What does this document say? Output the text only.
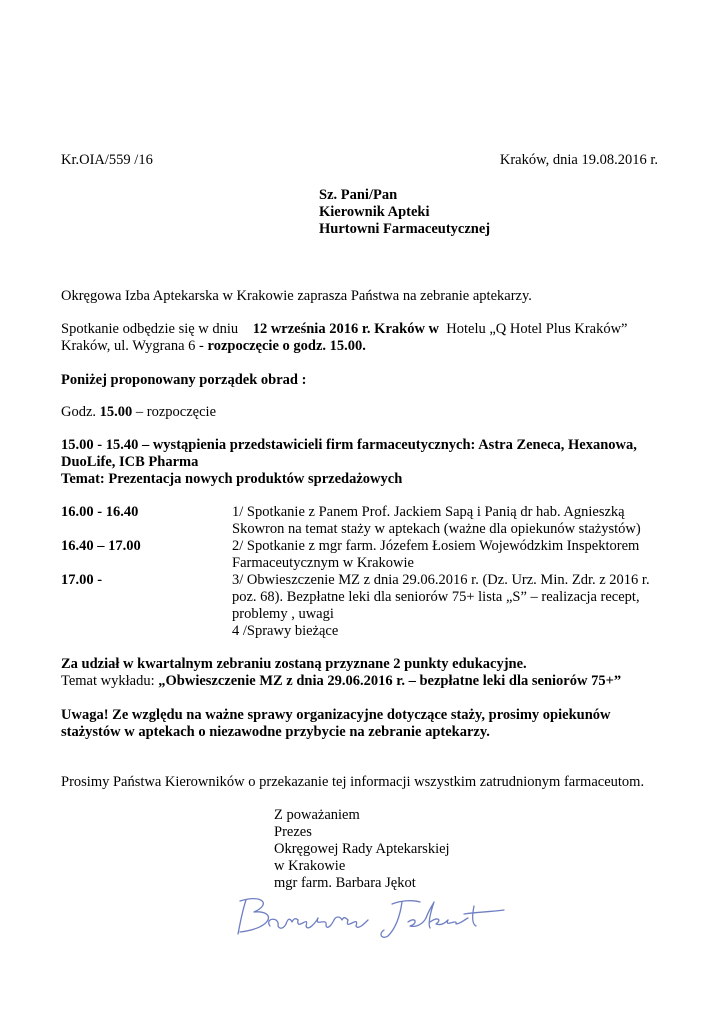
Kr.OIA/559 /16	Kraków, dnia 19.08.2016 r.
Sz. Pani/Pan
Kierownik Apteki
Hurtowni Farmaceutycznej
Okręgowa Izba Aptekarska w Krakowie zaprasza Państwa na zebranie aptekarzy.
Spotkanie odbędzie się w dniu 12 września 2016 r. Kraków w Hotelu „Q Hotel Plus Kraków”
Kraków, ul. Wygrana 6 - rozpoczęcie o godz. 15.00.
Poniżej proponowany porządek obrad :
Godz. 15.00 – rozpoczęcie
15.00 - 15.40 – wystąpienia przedstawicieli firm farmaceutycznych: Astra Zeneca, Hexanowa,
DuoLife, ICB Pharma
Temat: Prezentacja nowych produktów sprzedażowych
16.00 - 16.40	1/ Spotkanie z Panem Prof. Jackiem Sapą i Panią dr hab. Agnieszką
Skowron na temat staży w aptekach (ważne dla opiekunów stażystów)
16.40 – 17.00	2/ Spotkanie z mgr farm. Józefem Łosiem Wojewódzkim Inspektorem
Farmaceutycznym w Krakowie
17.00 -	3/ Obwieszczenie MZ z dnia 29.06.2016 r. (Dz. Urz. Min. Zdr. z 2016 r.
poz. 68). Bezpłatne leki dla seniorów 75+ lista „S” – realizacja recept,
problemy , uwagi
4 /Sprawy bieżące
Za udział w kwartalnym zebraniu zostaną przyznane 2 punkty edukacyjne.
Temat wykładu: „Obwieszczenie MZ z dnia 29.06.2016 r. – bezpłatne leki dla seniorów 75+”
Uwaga! Ze względu na ważne sprawy organizacyjne dotyczące staży, prosimy opiekunów
stażystów w aptekach o niezawodne przybycie na zebranie aptekarzy.
Prosimy Państwa Kierowników o przekazanie tej informacji wszystkim zatrudnionym farmaceutom.
Z poważaniem
Prezes
Okręgowej Rady Aptekarskiej
w Krakowie
mgr farm. Barbara Jękot
